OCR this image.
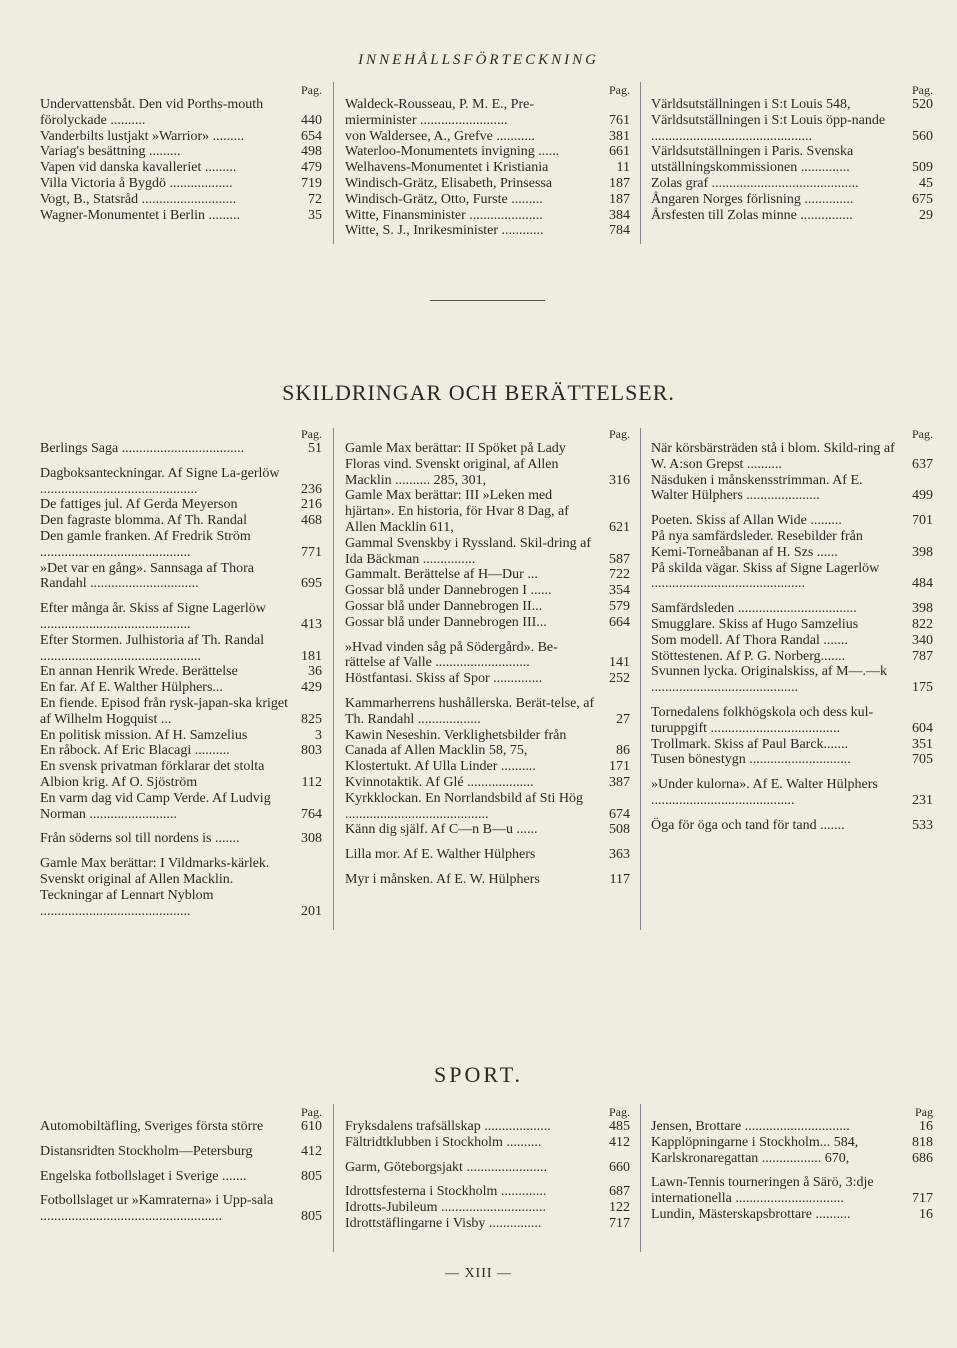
INNEHÅLLSFÖRTECKNING
Pag.
Undervattensbåt. Den vid Porths-mouth förolyckade ..........	440
Vanderbilts lustjakt »Warrior» .........	654
Variag's besättning .........	498
Vapen vid danska kavalleriet .........	479
Villa Victoria å Bygdö ..................	719
Vogt, B., Statsråd ...........................	72
Wagner-Monumentet i Berlin .........	35
Pag.
Waldeck-Rousseau, P. M. E., Pre-mierminister .........................	761
von Waldersee, A., Grefve ...........	381
Waterloo-Monumentets invigning ......	661
Welhavens-Monumentet i Kristiania	11
Windisch-Grätz, Elisabeth, Prinsessa	187
Windisch-Grätz, Otto, Furste .........	187
Witte, Finansminister .....................	384
Witte, S. J., Inrikesminister ............	784
Pag.
Världsutställningen i S:t Louis 548,	520
Världsutställningen i S:t Louis öpp-nande ..............................................	560
Världsutställningen i Paris. Svenska utställningskommissionen ..............	509
Zolas graf ..........................................	45
Ångaren Norges förlisning ..............	675
Årsfesten till Zolas minne ...............	29
SKILDRINGAR OCH BERÄTTELSER.
Pag.
Berlings Saga ...................................	51
Dagboksanteckningar. Af Signe La-gerlöw .............................................	236
De fattiges jul. Af Gerda Meyerson	216
Den fagraste blomma. Af Th. Randal	468
Den gamle franken. Af Fredrik Ström ...........................................	771
»Det var en gång». Sannsaga af Thora Randahl ...............................	695
Efter många år. Skiss af Signe Lagerlöw ...........................................	413
Efter Stormen. Julhistoria af Th. Randal ..............................................	181
En annan Henrik Wrede. Berättelse	36
En far. Af E. Walther Hülphers...	429
En fiende. Episod från rysk-japan-ska kriget af Wilhelm Hogquist ...	825
En politisk mission. Af H. Samzelius	3
En råbock. Af Eric Blacagi ..........	803
En svensk privatman förklarar det stolta Albion krig. Af O. Sjöström	112
En varm dag vid Camp Verde. Af Ludvig Norman .........................	764
Från söderns sol till nordens is .......	308
Gamle Max berättar: I Vildmarks-kärlek. Svenskt original af Allen Macklin. Teckningar af Lennart Nyblom ...........................................	201
Pag.
Gamle Max berättar: II Spöket på Lady Floras vind. Svenskt original, af Allen Macklin .......... 285, 301,	316
Gamle Max berättar: III »Leken med hjärtan». En historia, för Hvar 8 Dag, af Allen Macklin 611,	621
Gammal Svenskby i Ryssland. Skil-dring af Ida Bäckman ...............	587
Gammalt. Berättelse af H—Dur ...	722
Gossar blå under Dannebrogen I ......	354
Gossar blå under Dannebrogen II...	579
Gossar blå under Dannebrogen III...	664
»Hvad vinden såg på Södergård». Be-rättelse af Valle ...........................	141
Höstfantasi. Skiss af Spor ..............	252
Kammarherrens hushållerska. Berät-telse, af Th. Randahl ..................	27
Kawin Neseshin. Verklighetsbilder från Canada af Allen Macklin 58, 75,	86
Klostertukt. Af Ulla Linder ..........	171
Kvinnotaktik. Af Glé ...................	387
Kyrkklockan. En Norrlandsbild af Sti Hög .........................................	674
Känn dig själf. Af C—n B—u ......	508
Lilla mor. Af E. Walther Hülphers	363
Myr i månsken. Af E. W. Hülphers	117
Pag.
När körsbärsträden stå i blom. Skild-ring af W. A:son Grepst ..........	637
Näsduken i månskensstrimman. Af E. Walter Hülphers .....................	499
Poeten. Skiss af Allan Wide .........	701
På nya samfärdsleder. Resebilder från Kemi-Torneåbanan af H. Szs ......	398
På skilda vägar. Skiss af Signe Lagerlöw ............................................	484
Samfärdsleden ..................................	398
Smugglare. Skiss af Hugo Samzelius	822
Som modell. Af Thora Randal .......	340
Stöttestenen. Af P. G. Norberg.......	787
Svunnen lycka. Originalskiss, af M—.—k ..........................................	175
Tornedalens folkhögskola och dess kul-turuppgift .....................................	604
Trollmark. Skiss af Paul Barck.......	351
Tusen bönestygn .............................	705
»Under kulorna». Af E. Walter Hülphers .........................................	231
Öga för öga och tand för tand .......	533
SPORT.
Pag.
Automobiltäfling, Sveriges första större	610
Distansridten Stockholm—Petersburg	412
Engelska fotbollslaget i Sverige .......	805
Fotbollslaget ur »Kamraterna» i Upp-sala ....................................................	805
Pag.
Fryksdalens trafsällskap ...................	485
Fältridtklubben i Stockholm ..........	412
Garm, Göteborgsjakt .......................	660
Idrottsfesterna i Stockholm .............	687
Idrotts-Jubileum ..............................	122
Idrottstäflingarne i Visby ...............	717
Pag
Jensen, Brottare ..............................	16
Kapplöpningarne i Stockholm... 584,	818
Karlskronaregattan ................. 670,	686
Lawn-Tennis tourneringen å Särö, 3:dje internationella ...............................	717
Lundin, Mästerskapsbrottare ..........	16
— XIII —
